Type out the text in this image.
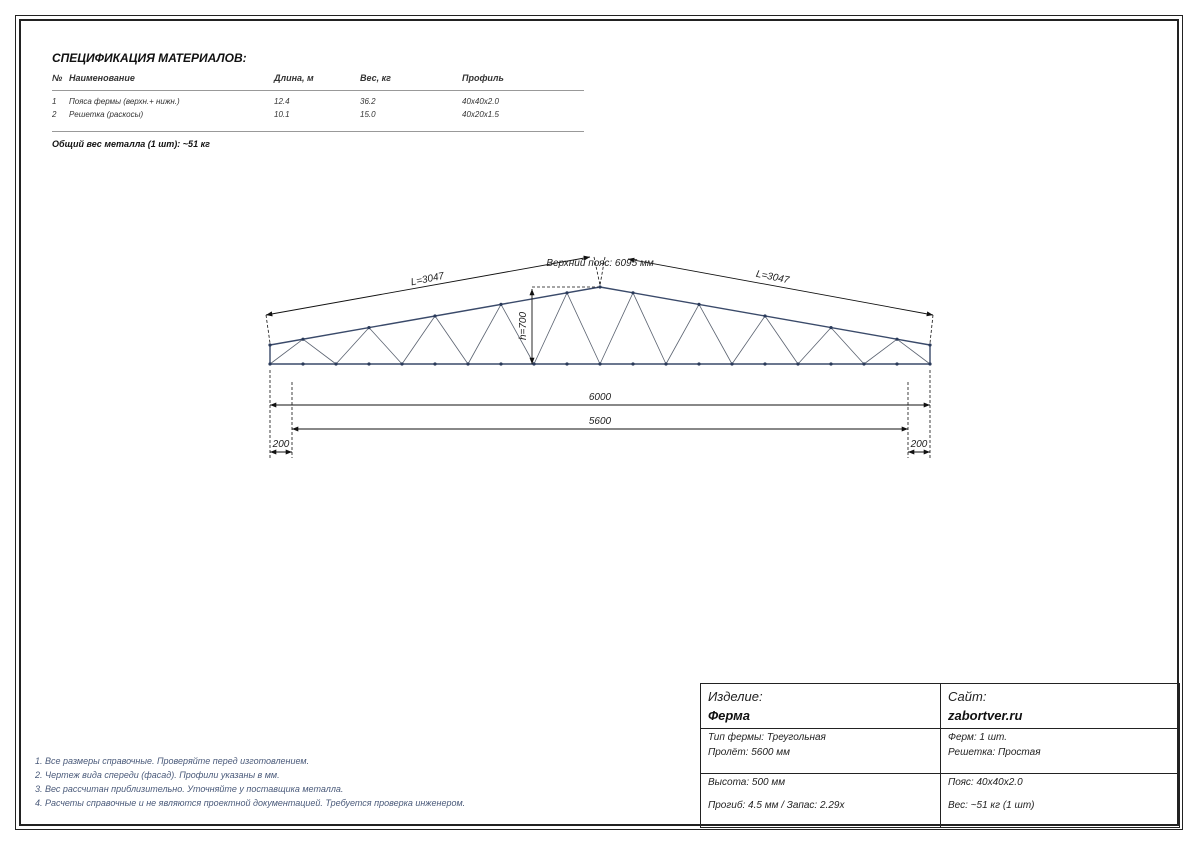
СПЕЦИФИКАЦИЯ МАТЕРИАЛОВ:
№ Наименование	Длина, м	Вес, кг	Профиль
1 Пояса фермы (верхн.+ нижн.)	12.4	36.2	40x40x2.0
2 Решетка (раскосы)	10.1	15.0	40x20x1.5
Общий вес металла (1 шт): ~51 кг
L=3047	L=3047
Верхний пояс: 6095 мм
h=700
6000
5600
200	200
1. Все размеры справочные. Проверяйте перед изготовлением.
2. Чертеж вида спереди (фасад). Профили указаны в мм.
3. Вес рассчитан приблизительно. Уточняйте у поставщика металла.
4. Расчеты справочные и не являются проектной документацией. Требуется проверка инженером.
Изделие:
Ферма
Сайт:
zabortver.ru
Тип фермы: Треугольная
Пролёт: 5600 мм
Ферм: 1 шт.
Решетка: Простая
Высота: 500 мм
Прогиб: 4.5 мм / Запас: 2.29x
Пояс: 40x40x2.0
Вес: ~51 кг (1 шт)
